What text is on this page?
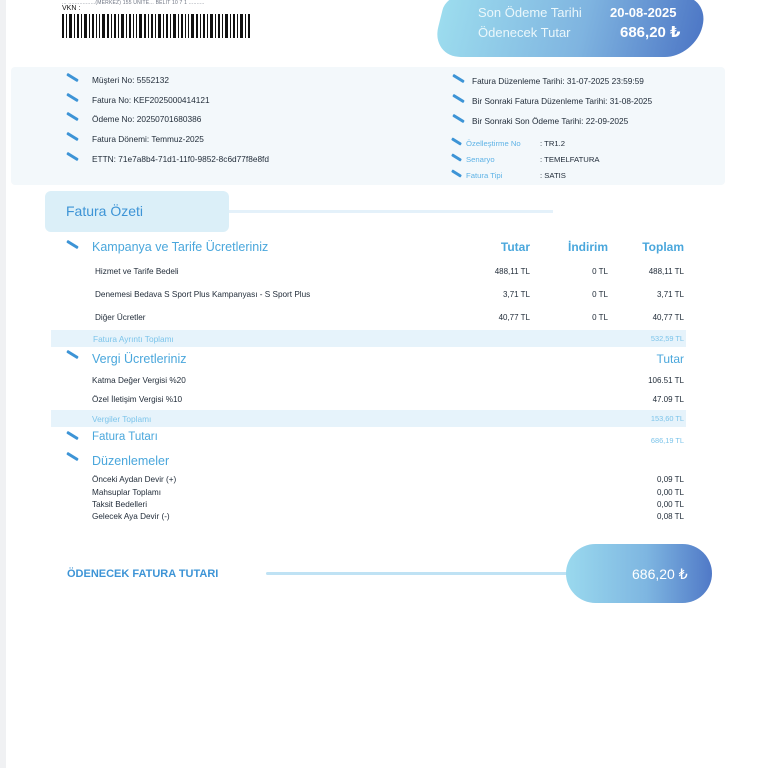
... .................(MERKEZ) 155 ÜNİTE... BELİT 10 7 1 ..........
VKN :	Son Ödeme Tarihi 20-08-2025
Ödenecek Tutar	686,20 ₺
Müşteri No: 5552132
Fatura No: KEF2025000414121
Ödeme No: 20250701680386
Fatura Dönemi: Temmuz-2025
ETTN: 71e7a8b4-71d1-11f0-9852-8c6d77f8e8fd
Fatura Düzenleme Tarihi: 31-07-2025 23:59:59
Bir Sonraki Fatura Düzenleme Tarihi: 31-08-2025
Bir Sonraki Son Ödeme Tarihi: 22-09-2025
Özelleştirme No	: TR1.2
Senaryo	: TEMELFATURA
Fatura Tipi	: SATIS
Fatura Özeti
Kampanya ve Tarife Ücretleriniz	Tutar	İndirim	Toplam
Hizmet ve Tarife Bedeli	488,11 TL	0 TL	488,11 TL
Denemesi Bedava S Sport Plus Kampanyası - S Sport Plus	3,71 TL	0 TL	3,71 TL
Diğer Ücretler	40,77 TL	0 TL	40,77 TL
Fatura Ayrıntı Toplamı	532,59 TL
Vergi Ücretleriniz	Tutar
Katma Değer Vergisi %20	106.51 TL
Özel İletişim Vergisi %10	47.09 TL
Vergiler Toplamı	153,60 TL
Fatura Tutarı	686,19 TL
Düzenlemeler
Önceki Aydan Devir (+)	0,09 TL
Mahsuplar Toplamı	0,00 TL
Taksit Bedelleri	0,00 TL
Gelecek Aya Devir (-)	0,08 TL
ÖDENECEK FATURA TUTARI	686,20 ₺
